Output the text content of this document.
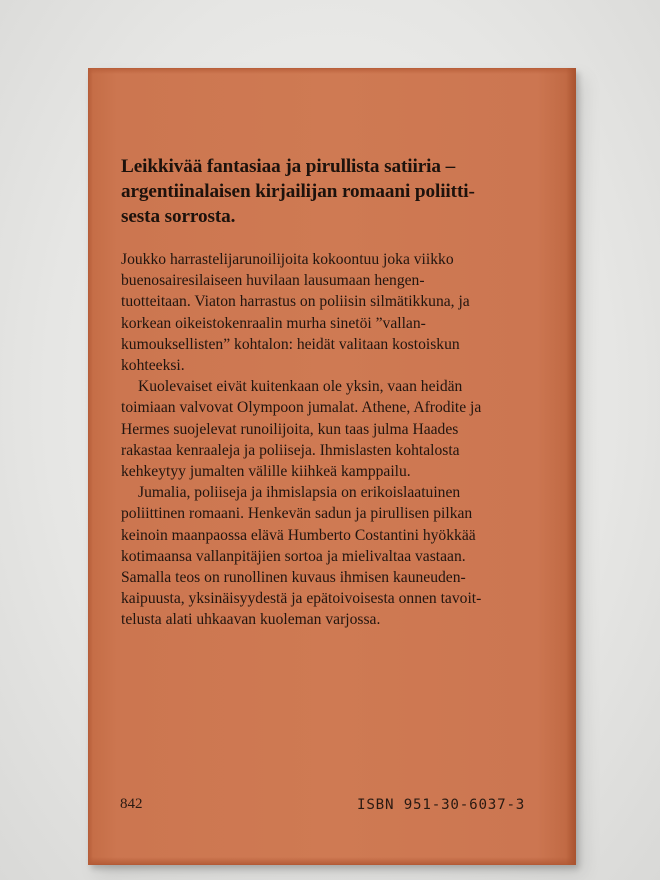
Leikkivää fantasiaa ja pirullista satiiria –
argentiinalaisen kirjailijan romaani poliitti-
sesta sorrosta.

Joukko harrastelijarunoilijoita kokoontuu joka viikko
buenosairesilaiseen huvilaan lausumaan hengen-
tuotteitaan. Viaton harrastus on poliisin silmätikkuna, ja
korkean oikeistokenraalin murha sinetöi ”vallan-
kumouksellisten” kohtalon: heidät valitaan kostoiskun
kohteeksi.
Kuolevaiset eivät kuitenkaan ole yksin, vaan heidän
toimiaan valvovat Olympoon jumalat. Athene, Afrodite ja
Hermes suojelevat runoilijoita, kun taas julma Haades
rakastaa kenraaleja ja poliiseja. Ihmislasten kohtalosta
kehkeytyy jumalten välille kiihkeä kamppailu.
Jumalia, poliiseja ja ihmislapsia on erikoislaatuinen
poliittinen romaani. Henkevän sadun ja pirullisen pilkan
keinoin maanpaossa elävä Humberto Costantini hyökkää
kotimaansa vallanpitäjien sortoa ja mielivaltaa vastaan.
Samalla teos on runollinen kuvaus ihmisen kauneuden-
kaipuusta, yksinäisyydestä ja epätoivoisesta onnen tavoit-
telusta alati uhkaavan kuoleman varjossa.

842	ISBN 951-30-6037-3
